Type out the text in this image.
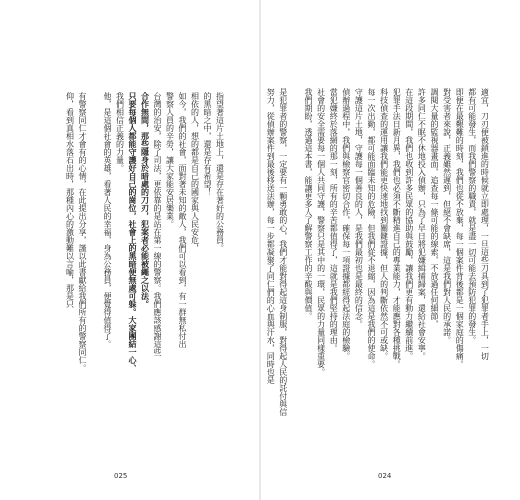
指望著這片土地上，還是存在著好的公務員。
的黑暗之中，還是存有希望！
相依的人，想的都是自己的國家與人民安危，
如今，我們的社會，面對著未知的敵人，我們可以看到，有一群無私付出
警察人員的辛勞，讓大家能安居樂業。
台灣的治安，除了司法，更依靠的是站在第一線的警察。我們應該感謝這些
合作無間，那些隱身於暗處的刀刃，犯案者必能被繩之以法。
只要每個人都能守護好自己的崗位，社會上的黑暗便無處可躲。大家團結一心、
我們相信正義的力量。
他，是這個社會的英雄，看著人民的幸福，身為公務員，便覺得值得了。
有警察同仁才會有的心情，在此提出分享，謹以此書獻給我們所有的警察同仁。
仰，看到真相水落石出時，那種內心的激動難以言喻，那是只	適宜，刀刃便被鎖進的時候就立即處理，一旦這些刀具到了犯罪者手上，一切
都有可能發生，而我們警察的職責，就是盡一切可能去預防犯罪的發生。
即便在最艱難的時刻，我們也從不放棄，每一個案件背後都是一個家庭的傷痛。
對受害者來說，正義雖然遲到，但絕不會缺席，這是我們對人民的承諾。
調閱大量的監視器畫面，追查每一條可能的線索，不放過任何細節，
許多同仁不眠不休地投入偵辦，只為了早日將犯嫌緝捕歸案，還給社會安寧。
在這段期間，我們也收到許多民眾的協助與鼓勵，讓我們更有動力繼續前進。
犯罪手法日新月異，我們也必須不斷精進自己的專業能力，才能應對各種挑戰。
科技偵查的運用讓我們能更快速地找到關鍵證據，但人的判斷依然不可或缺。
每一次出勤，都可能面臨未知的危險，但我們從不退縮，因為這是我們的使命。
守護這片土地，守護每一個善良的人，是我們最初也是最終的信念。
偵辦過程中，我們與檢察官密切合作，確保每一項證據都經得起法庭的檢驗。
當犯嫌終於落網的那一刻，所有的辛苦都值得了，這就是我們堅持的理由。
社會的安全需要每一個人共同守護，警察只是其中的一環，民眾的力量同樣重要。
我們期盼，透過這本書，能讓更多人了解警察工作的辛酸與價值。
是犯罪者的警察，一定要有一顆勇敢的心，我們才能對得起這身制服，對得起人民的託付與信
努力，從偵辦案件到最後移送法辦，每一步都凝聚了同仁們的心血與汗水，同時也是
025	024
